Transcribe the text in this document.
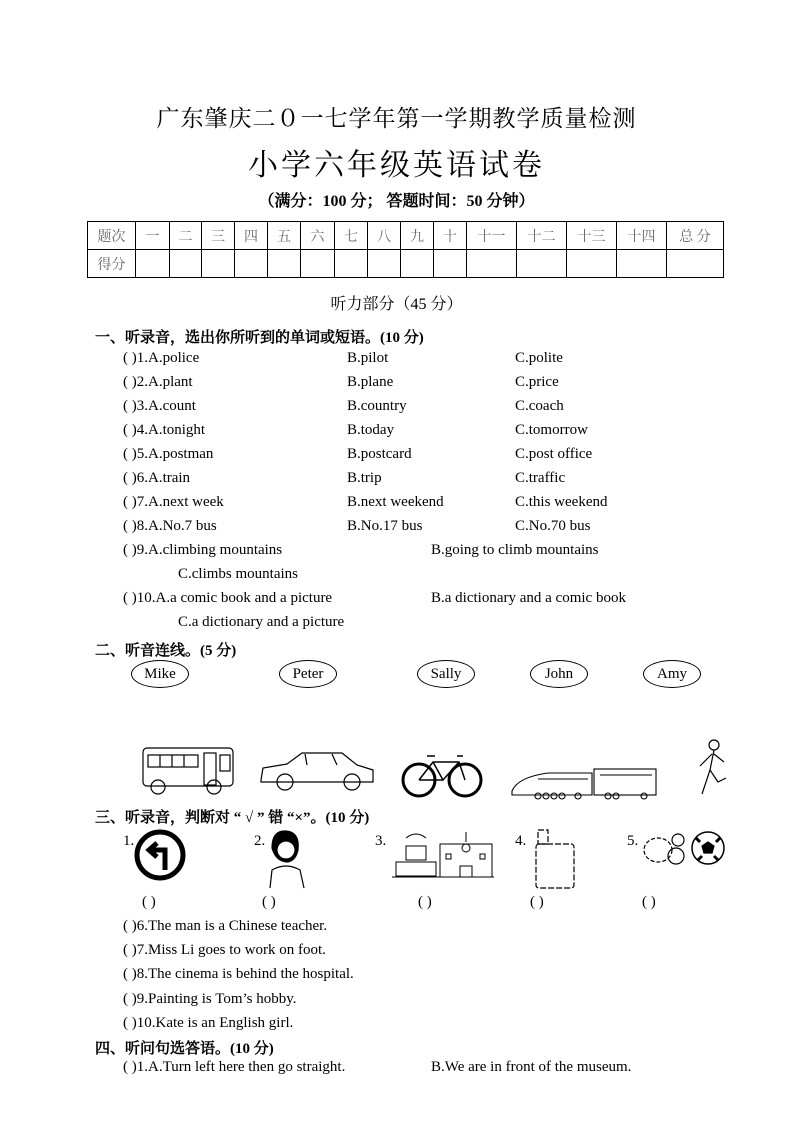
广东肇庆二０一七学年第一学期教学质量检测
小学六年级英语试卷
（满分：100 分； 答题时间：50 分钟）
题次	一	二	三	四	五	六	七	八	九	十	十一	十二	十三	十四	总 分
得分															
听力部分（45 分）
一、听录音，选出你所听到的单词或短语。(10 分)
( )1.A.police	B.pilot	C.polite
( )2.A.plant	B.plane	C.price
( )3.A.count	B.country	C.coach
( )4.A.tonight	B.today	C.tomorrow
( )5.A.postman	B.postcard	C.post office
( )6.A.train	B.trip	C.traffic
( )7.A.next week	B.next weekend	C.this weekend
( )8.A.No.7 bus	B.No.17 bus	C.No.70 bus
( )9.A.climbing mountains	B.going to climb mountains
C.climbs mountains
( )10.A.a comic book and a picture	B.a dictionary and a comic book
C.a dictionary and a picture
二、听音连线。(5 分)
Mike	Peter	Sally	John	Amy
三、听录音，判断对 “ √ ” 错 “×”。(10 分)
1.	2.	3.	4.	5.
( )	( )	( )	( )	( )
( )6.The man is a Chinese teacher.
( )7.Miss Li goes to work on foot.
( )8.The cinema is behind the hospital.
( )9.Painting is Tom’s hobby.
( )10.Kate is an English girl.
四、听问句选答语。(10 分)
( )1.A.Turn left here then go straight.	B.We are in front of the museum.
